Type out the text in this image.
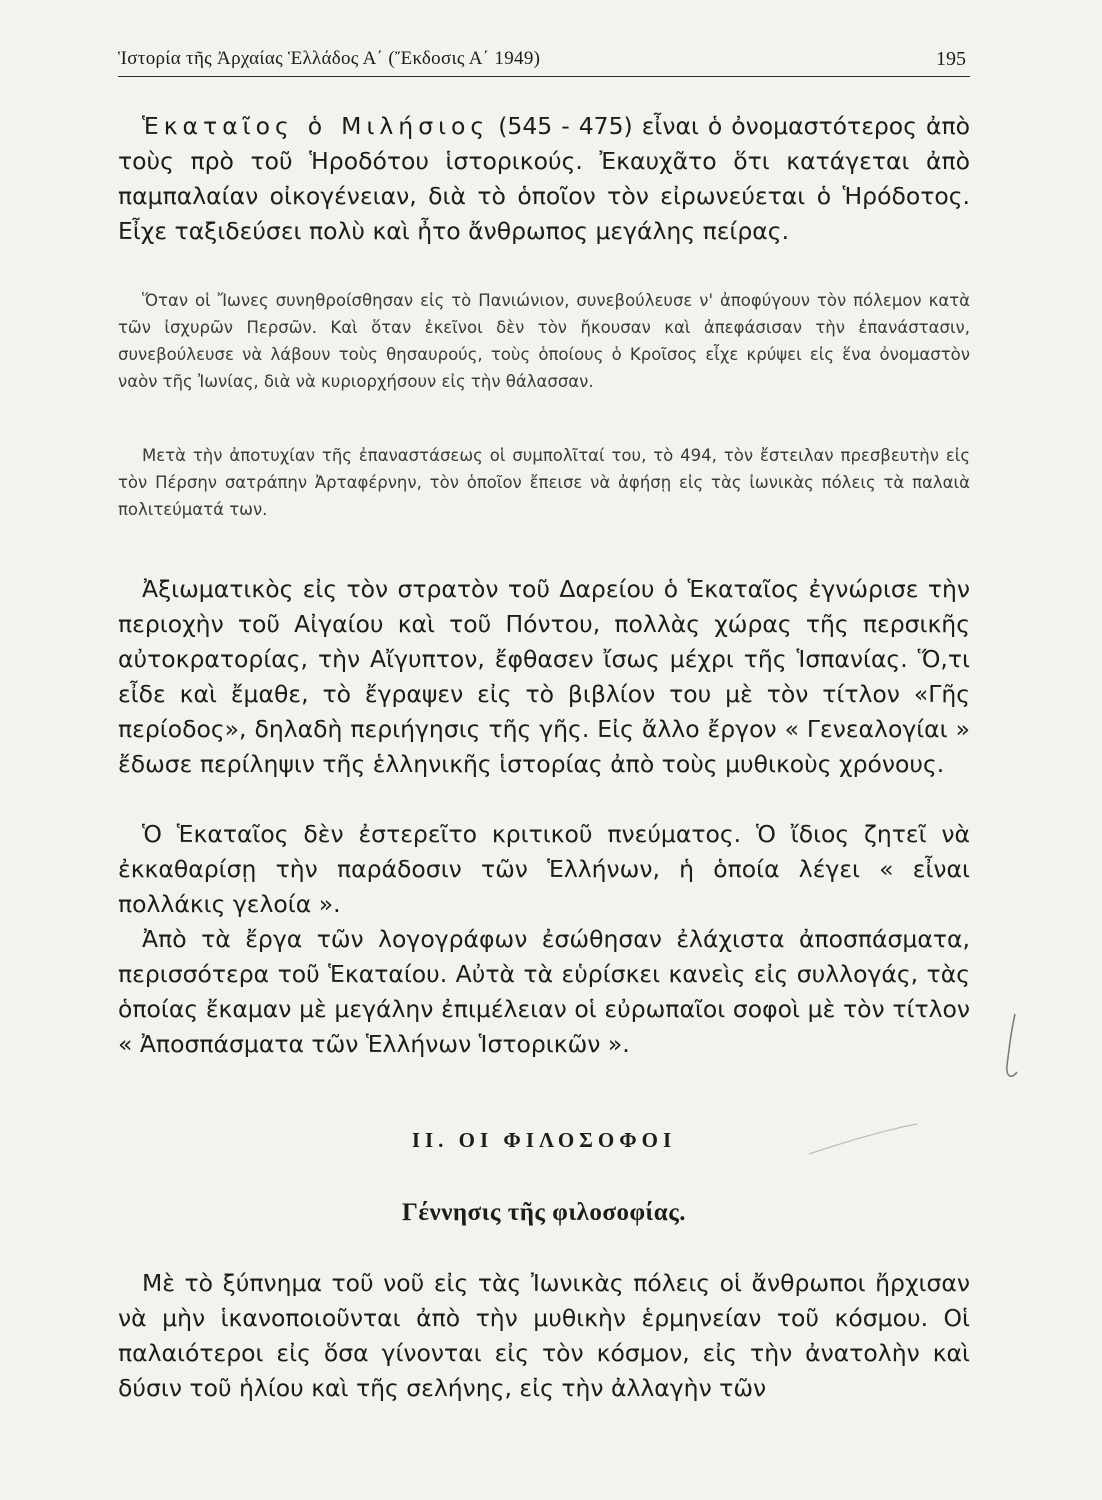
Ἱστορία τῆς Ἀρχαίας Ἑλλάδος Α΄ (Ἔκδοσις Α΄ 1949)	195

Ἑκαταῖος ὁ Μιλήσιος (545 - 475) εἶναι ὁ ὀνομαστότερος ἀπὸ τοὺς πρὸ τοῦ Ἡροδότου ἱστορικούς. Ἐκαυχᾶτο ὅτι κατάγεται ἀπὸ παμπαλαίαν οἰκογένειαν, διὰ τὸ ὁποῖον τὸν εἰρωνεύεται ὁ Ἡρόδοτος. Εἶχε ταξιδεύσει πολὺ καὶ ἦτο ἄνθρωπος μεγάλης πείρας.

Ὅταν οἱ Ἴωνες συνηθροίσθησαν εἰς τὸ Πανιώνιον, συνεβούλευσε ν' ἀποφύγουν τὸν πόλεμον κατὰ τῶν ἰσχυρῶν Περσῶν. Καὶ ὅταν ἐκεῖνοι δὲν τὸν ἤκουσαν καὶ ἀπεφάσισαν τὴν ἐπανάστασιν, συνεβούλευσε νὰ λάβουν τοὺς θησαυρούς, τοὺς ὁποίους ὁ Κροῖσος εἶχε κρύψει εἰς ἕνα ὀνομαστὸν ναὸν τῆς Ἰωνίας, διὰ νὰ κυριορχήσουν εἰς τὴν θάλασσαν.

Μετὰ τὴν ἀποτυχίαν τῆς ἐπαναστάσεως οἱ συμπολῖταί του, τὸ 494, τὸν ἔστειλαν πρεσβευτὴν εἰς τὸν Πέρσην σατράπην Ἀρταφέρνην, τὸν ὁποῖον ἔπεισε νὰ ἀφήσῃ εἰς τὰς ἰωνικὰς πόλεις τὰ παλαιὰ πολιτεύματά των.

Ἀξιωματικὸς εἰς τὸν στρατὸν τοῦ Δαρείου ὁ Ἑκαταῖος ἐγνώρισε τὴν περιοχὴν τοῦ Αἰγαίου καὶ τοῦ Πόντου, πολλὰς χώρας τῆς περσικῆς αὐτοκρατορίας, τὴν Αἴγυπτον, ἔφθασεν ἴσως μέχρι τῆς Ἱσπανίας. Ὅ,τι εἶδε καὶ ἔμαθε, τὸ ἔγραψεν εἰς τὸ βιβλίον του μὲ τὸν τίτλον «Γῆς περίοδος», δηλαδὴ περιήγησις τῆς γῆς. Εἰς ἄλλο ἔργον « Γενεαλογίαι » ἔδωσε περίληψιν τῆς ἑλληνικῆς ἱστορίας ἀπὸ τοὺς μυθικοὺς χρόνους.

Ὁ Ἑκαταῖος δὲν ἐστερεῖτο κριτικοῦ πνεύματος. Ὁ ἴδιος ζητεῖ νὰ ἐκκαθαρίσῃ τὴν παράδοσιν τῶν Ἑλλήνων, ἡ ὁποία λέγει « εἶναι πολλάκις γελοία ».

Ἀπὸ τὰ ἔργα τῶν λογογράφων ἐσώθησαν ἐλάχιστα ἀποσπάσματα, περισσότερα τοῦ Ἑκαταίου. Αὐτὰ τὰ εὑρίσκει κανεὶς εἰς συλλογάς, τὰς ὁποίας ἔκαμαν μὲ μεγάλην ἐπιμέλειαν οἱ εὐρωπαῖοι σοφοὶ μὲ τὸν τίτλον « Ἀποσπάσματα τῶν Ἑλλήνων Ἱστορικῶν ».

ΙΙ. ΟΙ ΦΙΛΟΣΟΦΟΙ
Γέννησις τῆς φιλοσοφίας.

Μὲ τὸ ξύπνημα τοῦ νοῦ εἰς τὰς Ἰωνικὰς πόλεις οἱ ἄνθρωποι ἤρχισαν νὰ μὴν ἱκανοποιοῦνται ἀπὸ τὴν μυθικὴν ἑρμηνείαν τοῦ κόσμου. Οἱ παλαιότεροι εἰς ὅσα γίνονται εἰς τὸν κόσμον, εἰς τὴν ἀνατολὴν καὶ δύσιν τοῦ ἡλίου καὶ τῆς σελήνης, εἰς τὴν ἀλλαγὴν τῶν
